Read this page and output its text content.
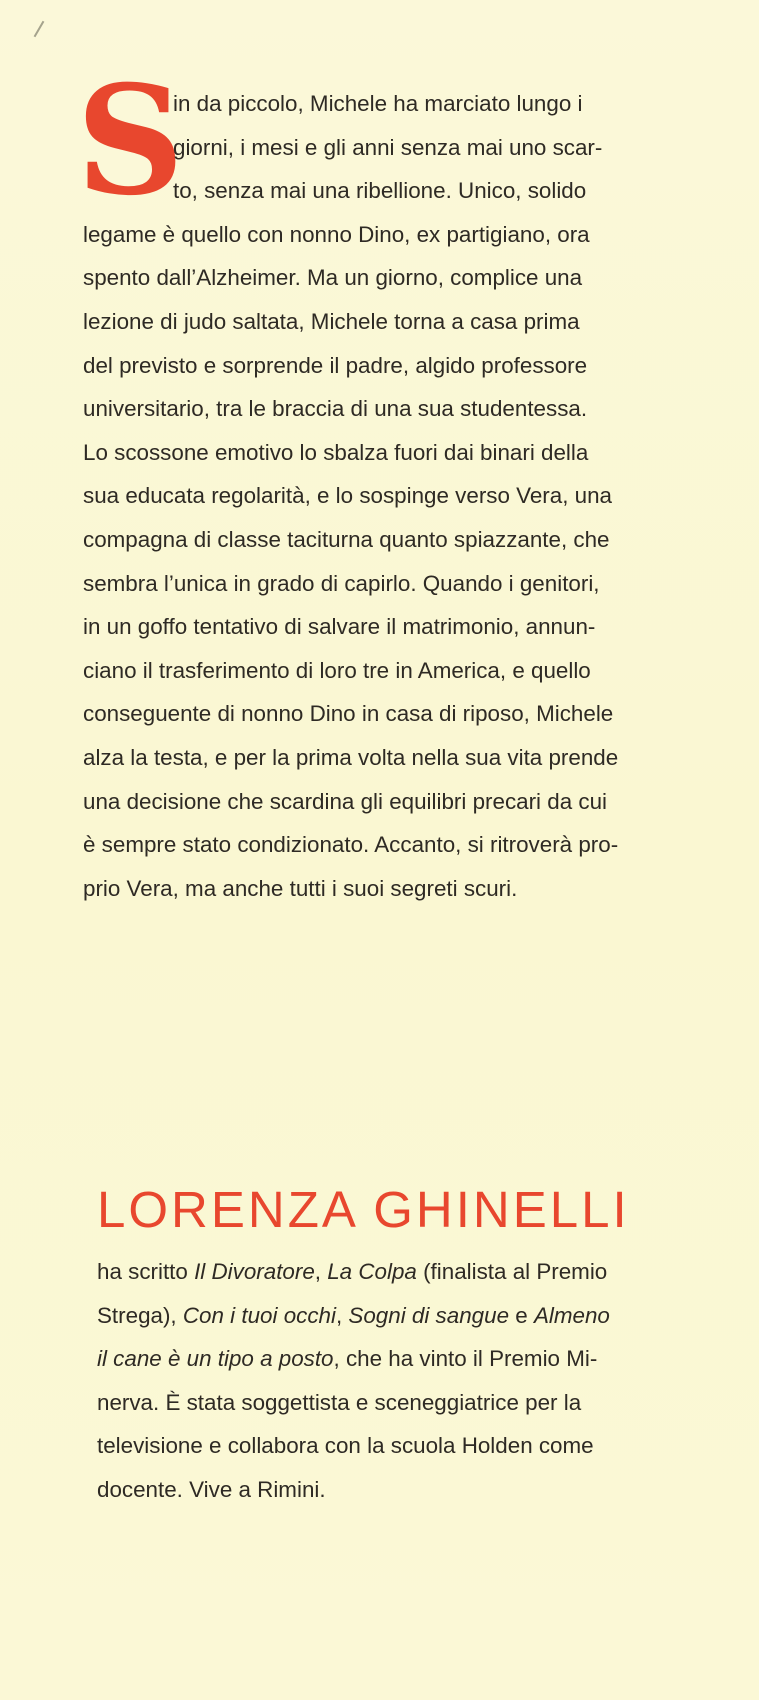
S
in da piccolo, Michele ha marciato lungo i
giorni, i mesi e gli anni senza mai uno scar-
to, senza mai una ribellione. Unico, solido
legame è quello con nonno Dino, ex partigiano, ora
spento dall’Alzheimer. Ma un giorno, complice una
lezione di judo saltata, Michele torna a casa prima
del previsto e sorprende il padre, algido professore
universitario, tra le braccia di una sua studentessa.
Lo scossone emotivo lo sbalza fuori dai binari della
sua educata regolarità, e lo sospinge verso Vera, una
compagna di classe taciturna quanto spiazzante, che
sembra l’unica in grado di capirlo. Quando i genitori,
in un goffo tentativo di salvare il matrimonio, annun-
ciano il trasferimento di loro tre in America, e quello
conseguente di nonno Dino in casa di riposo, Michele
alza la testa, e per la prima volta nella sua vita prende
una decisione che scardina gli equilibri precari da cui
è sempre stato condizionato. Accanto, si ritroverà pro-
prio Vera, ma anche tutti i suoi segreti scuri.
LORENZA GHINELLI
ha scritto Il Divoratore, La Colpa (finalista al Premio
Strega), Con i tuoi occhi, Sogni di sangue e Almeno
il cane è un tipo a posto, che ha vinto il Premio Mi-
nerva. È stata soggettista e sceneggiatrice per la
televisione e collabora con la scuola Holden come
docente. Vive a Rimini.
